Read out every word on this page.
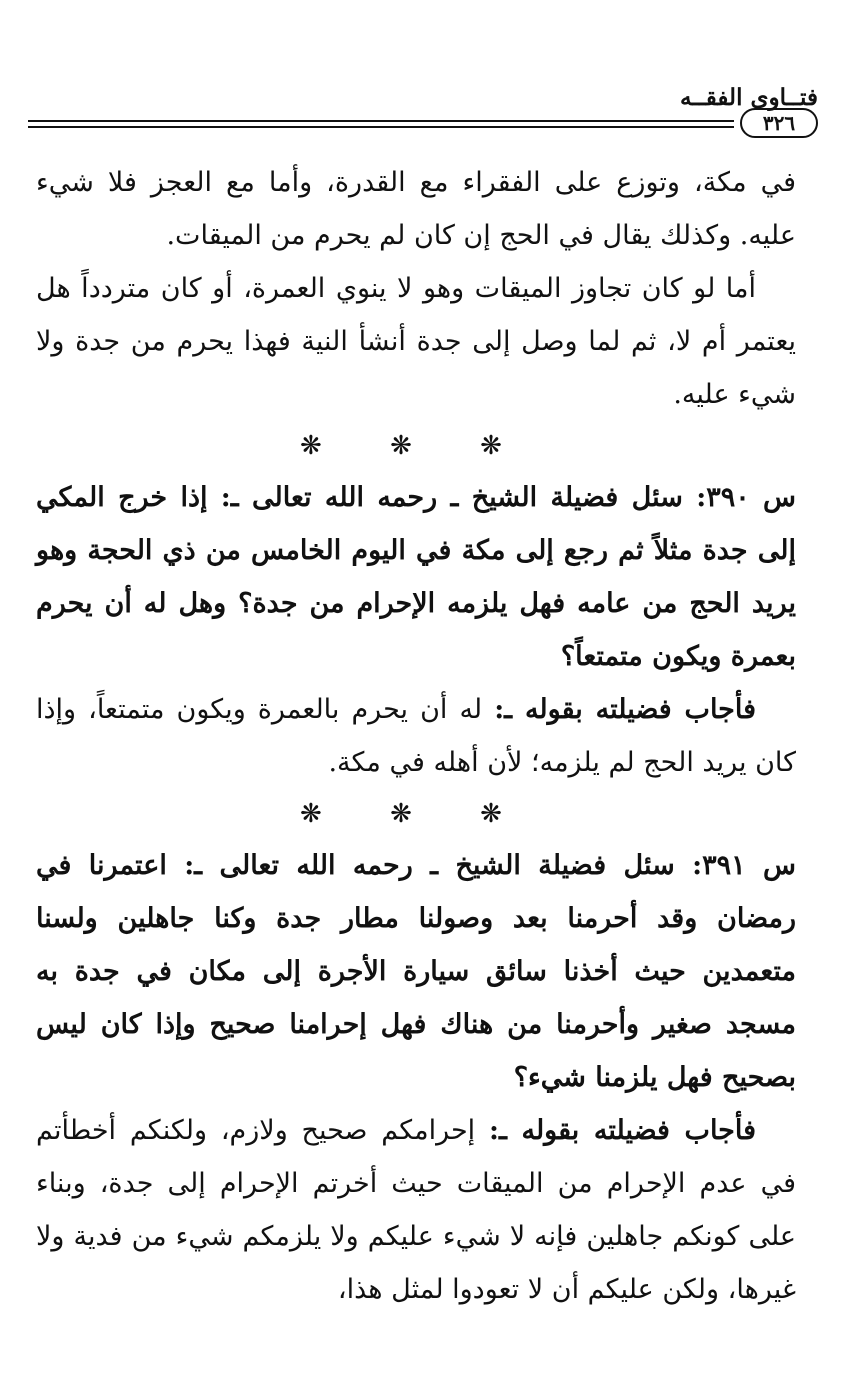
فتــاوى الفقــه
٣٢٦

في مكة، وتوزع على الفقراء مع القدرة، وأما مع العجز فلا شيء عليه. وكذلك يقال في الحج إن كان لم يحرم من الميقات.

أما لو كان تجاوز الميقات وهو لا ينوي العمرة، أو كان متردداً هل يعتمر أم لا، ثم لما وصل إلى جدة أنشأ النية فهذا يحرم من جدة ولا شيء عليه.

❋ ❋ ❋

س ٣٩٠: سئل فضيلة الشيخ ـ رحمه الله تعالى ـ: إذا خرج المكي إلى جدة مثلاً ثم رجع إلى مكة في اليوم الخامس من ذي الحجة وهو يريد الحج من عامه فهل يلزمه الإحرام من جدة؟ وهل له أن يحرم بعمرة ويكون متمتعاً؟

فأجاب فضيلته بقوله ـ: له أن يحرم بالعمرة ويكون متمتعاً، وإذا كان يريد الحج لم يلزمه؛ لأن أهله في مكة.

❋ ❋ ❋

س ٣٩١: سئل فضيلة الشيخ ـ رحمه الله تعالى ـ: اعتمرنا في رمضان وقد أحرمنا بعد وصولنا مطار جدة وكنا جاهلين ولسنا متعمدين حيث أخذنا سائق سيارة الأجرة إلى مكان في جدة به مسجد صغير وأحرمنا من هناك فهل إحرامنا صحيح وإذا كان ليس بصحيح فهل يلزمنا شيء؟

فأجاب فضيلته بقوله ـ: إحرامكم صحيح ولازم، ولكنكم أخطأتم في عدم الإحرام من الميقات حيث أخرتم الإحرام إلى جدة، وبناء على كونكم جاهلين فإنه لا شيء عليكم ولا يلزمكم شيء من فدية ولا غيرها، ولكن عليكم أن لا تعودوا لمثل هذا،
